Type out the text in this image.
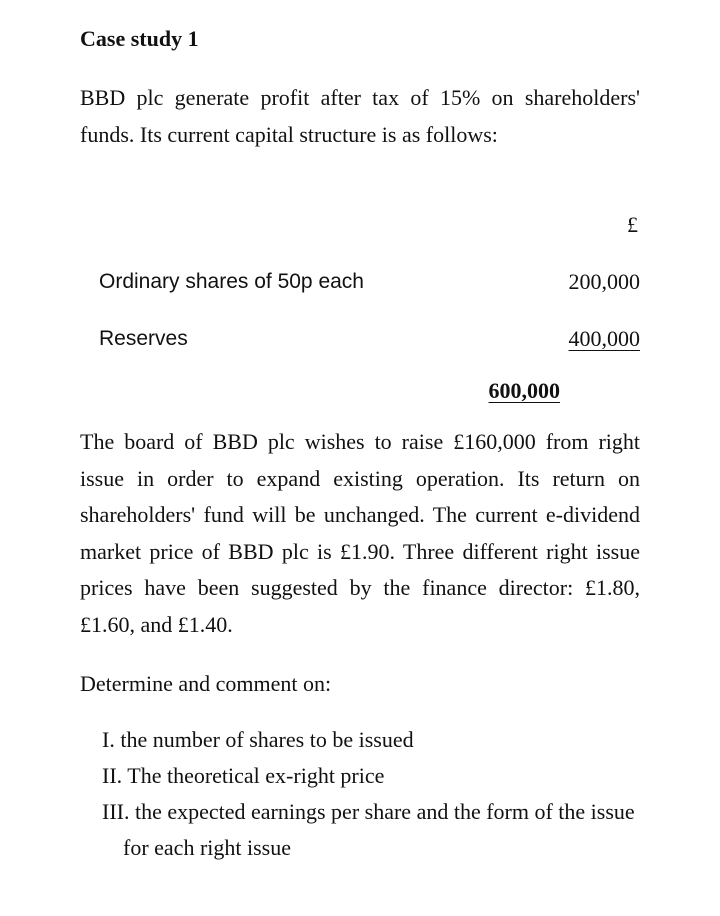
Case study 1
BBD plc generate profit after tax of 15% on shareholders' funds. Its current capital structure is as follows:
£
Ordinary shares of 50p each	200,000
Reserves	400,000
600,000
The board of BBD plc wishes to raise £160,000 from right issue in order to expand existing operation. Its return on shareholders' fund will be unchanged. The current e-dividend market price of BBD plc is £1.90. Three different right issue prices have been suggested by the finance director: £1.80, £1.60, and £1.40.
Determine and comment on:
I. the number of shares to be issued
II. The theoretical ex-right price
III. the expected earnings per share and the form of the issue for each right issue
